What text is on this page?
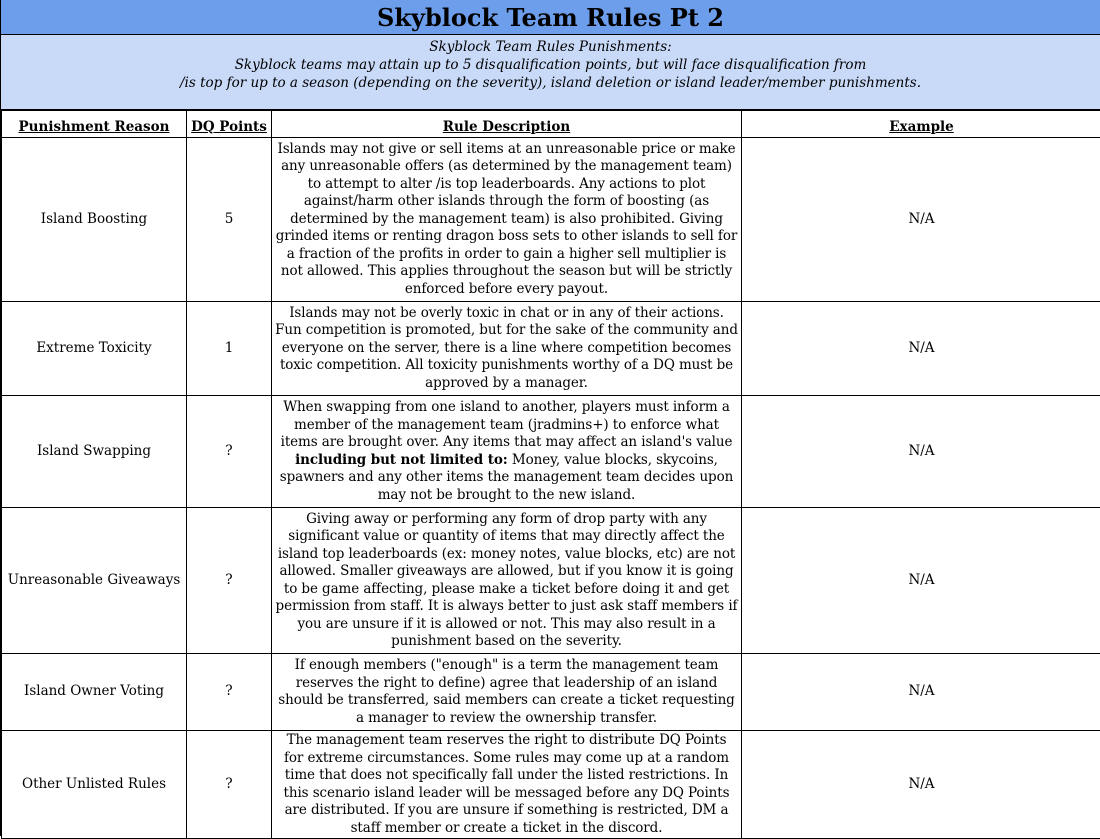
Skyblock Team Rules Pt 2
Skyblock Team Rules Punishments:
Skyblock teams may attain up to 5 disqualification points, but will face disqualification from
/is top for up to a season (depending on the severity), island deletion or island leader/member punishments.
Punishment Reason	DQ Points	Rule Description	Example
Island Boosting	5	Islands may not give or sell items at an unreasonable price or make any unreasonable offers (as determined by the management team) to attempt to alter /is top leaderboards. Any actions to plot against/harm other islands through the form of boosting (as determined by the management team) is also prohibited. Giving grinded items or renting dragon boss sets to other islands to sell for a fraction of the profits in order to gain a higher sell multiplier is not allowed. This applies throughout the season but will be strictly enforced before every payout.	N/A
Extreme Toxicity	1	Islands may not be overly toxic in chat or in any of their actions. Fun competition is promoted, but for the sake of the community and everyone on the server, there is a line where competition becomes toxic competition. All toxicity punishments worthy of a DQ must be approved by a manager.	N/A
Island Swapping	?	When swapping from one island to another, players must inform a member of the management team (jradmins+) to enforce what items are brought over. Any items that may affect an island's value including but not limited to: Money, value blocks, skycoins, spawners and any other items the management team decides upon may not be brought to the new island.	N/A
Unreasonable Giveaways	?	Giving away or performing any form of drop party with any significant value or quantity of items that may directly affect the island top leaderboards (ex: money notes, value blocks, etc) are not allowed. Smaller giveaways are allowed, but if you know it is going to be game affecting, please make a ticket before doing it and get permission from staff. It is always better to just ask staff members if you are unsure if it is allowed or not. This may also result in a punishment based on the severity.	N/A
Island Owner Voting	?	If enough members ("enough" is a term the management team reserves the right to define) agree that leadership of an island should be transferred, said members can create a ticket requesting a manager to review the ownership transfer.	N/A
Other Unlisted Rules	?	The management team reserves the right to distribute DQ Points for extreme circumstances. Some rules may come up at a random time that does not specifically fall under the listed restrictions. In this scenario island leader will be messaged before any DQ Points are distributed. If you are unsure if something is restricted, DM a staff member or create a ticket in the discord.	N/A
